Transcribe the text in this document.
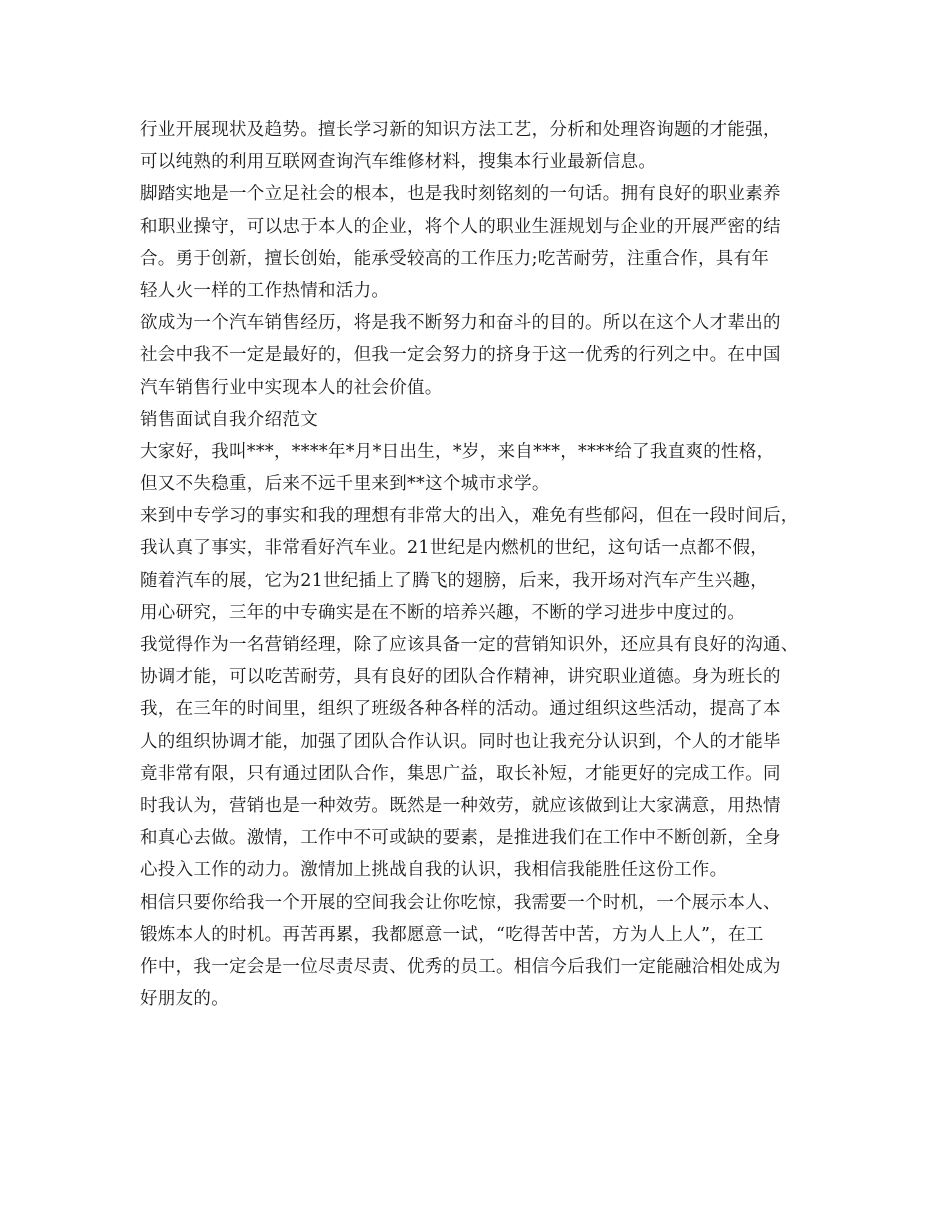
行业开展现状及趋势。擅长学习新的知识方法工艺，分析和处理咨询题的才能强，
可以纯熟的利用互联网查询汽车维修材料，搜集本行业最新信息。
脚踏实地是一个立足社会的根本，也是我时刻铭刻的一句话。拥有良好的职业素养
和职业操守，可以忠于本人的企业，将个人的职业生涯规划与企业的开展严密的结
合。勇于创新，擅长创始，能承受较高的工作压力;吃苦耐劳，注重合作，具有年
轻人火一样的工作热情和活力。
欲成为一个汽车销售经历，将是我不断努力和奋斗的目的。所以在这个人才辈出的
社会中我不一定是最好的，但我一定会努力的挤身于这一优秀的行列之中。在中国
汽车销售行业中实现本人的社会价值。
销售面试自我介绍范文
大家好，我叫***，****年*月*日出生，*岁，来自***，****给了我直爽的性格，
但又不失稳重，后来不远千里来到**这个城市求学。
来到中专学习的事实和我的理想有非常大的出入，难免有些郁闷，但在一段时间后，
我认真了事实，非常看好汽车业。21世纪是内燃机的世纪，这句话一点都不假，
随着汽车的展，它为21世纪插上了腾飞的翅膀，后来，我开场对汽车产生兴趣，
用心研究，三年的中专确实是在不断的培养兴趣，不断的学习进步中度过的。
我觉得作为一名营销经理，除了应该具备一定的营销知识外，还应具有良好的沟通、
协调才能，可以吃苦耐劳，具有良好的团队合作精神，讲究职业道德。身为班长的
我，在三年的时间里，组织了班级各种各样的活动。通过组织这些活动，提高了本
人的组织协调才能，加强了团队合作认识。同时也让我充分认识到，个人的才能毕
竟非常有限，只有通过团队合作，集思广益，取长补短，才能更好的完成工作。同
时我认为，营销也是一种效劳。既然是一种效劳，就应该做到让大家满意，用热情
和真心去做。激情，工作中不可或缺的要素，是推进我们在工作中不断创新，全身
心投入工作的动力。激情加上挑战自我的认识，我相信我能胜任这份工作。
相信只要你给我一个开展的空间我会让你吃惊，我需要一个时机，一个展示本人、
锻炼本人的时机。再苦再累，我都愿意一试，“吃得苦中苦，方为人上人”，在工
作中，我一定会是一位尽责尽责、优秀的员工。相信今后我们一定能融洽相处成为
好朋友的。
